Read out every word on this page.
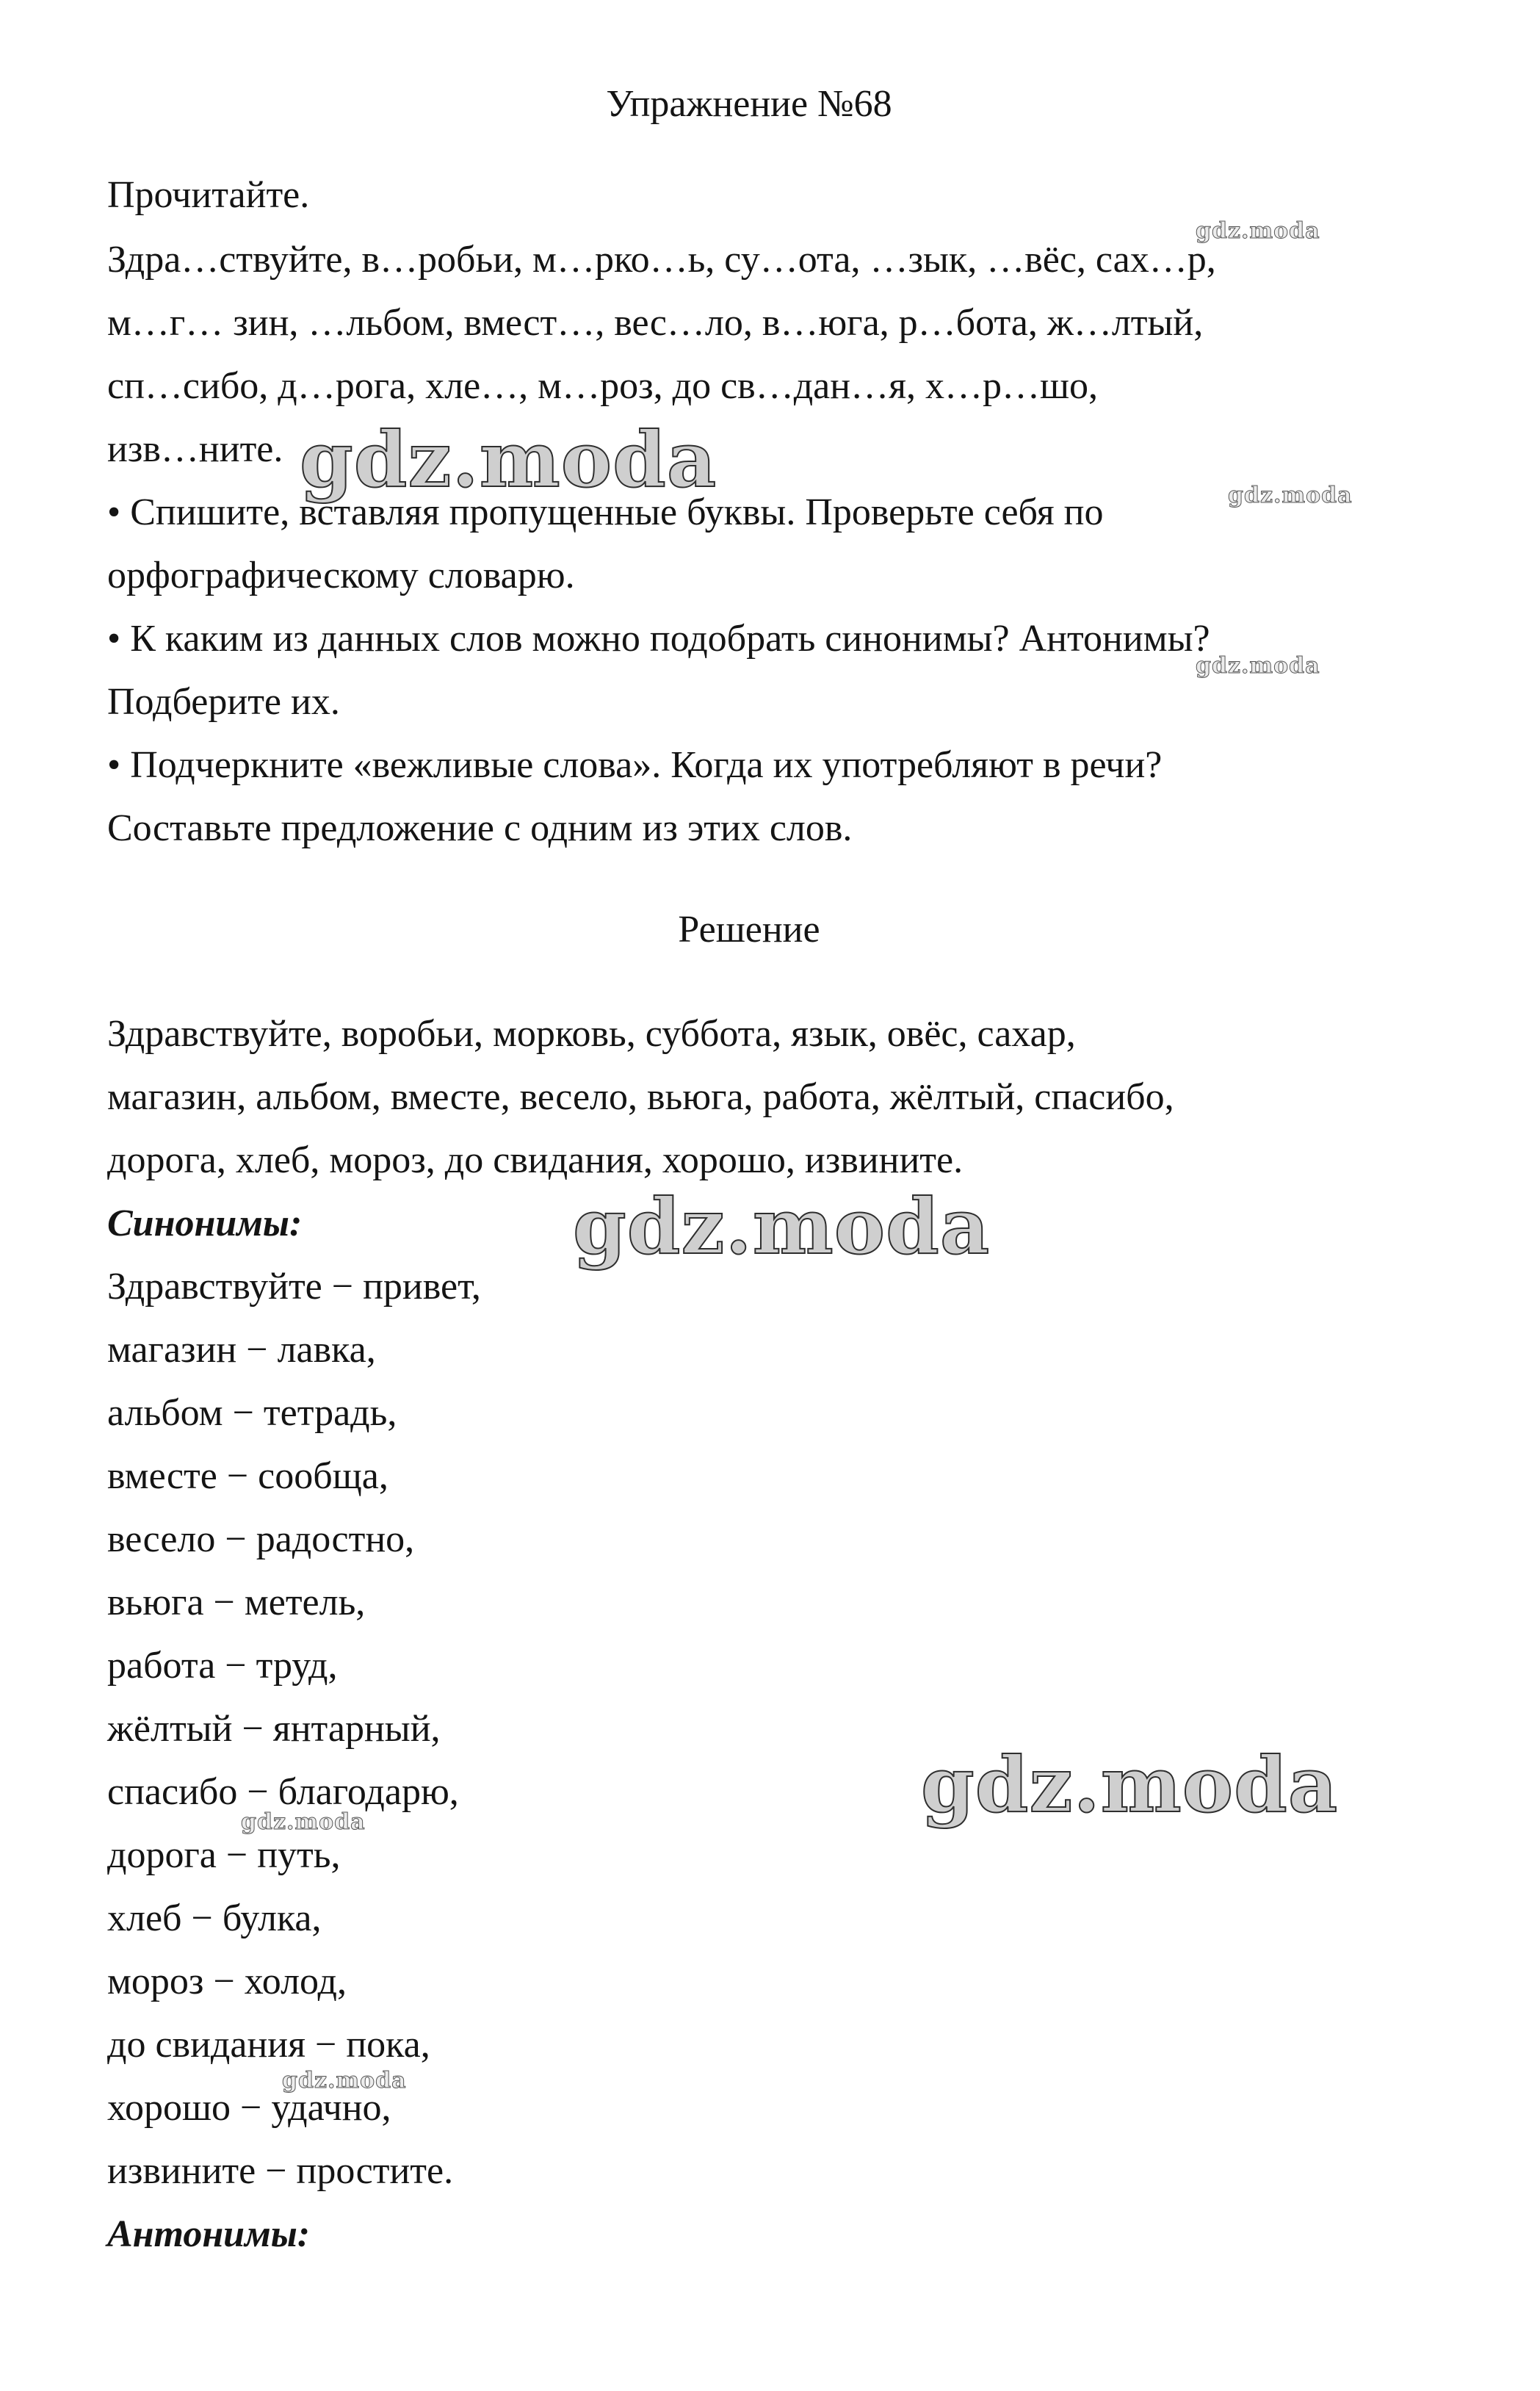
Упражнение №68
Прочитайте.
Здра…ствуйте, в…робьи, м…рко…ь, су…ота, …зык, …вёс, сах…р,
м…г… зин, …льбом, вмест…, вес…ло, в…юга, р…бота, ж…лтый,
сп…сибо, д…рога, хле…, м…роз, до св…дан…я, х…р…шо,
изв…ните.
• Спишите, вставляя пропущенные буквы. Проверьте себя по
орфографическому словарю.
• К каким из данных слов можно подобрать синонимы? Антонимы?
Подберите их.
• Подчеркните «вежливые слова». Когда их употребляют в речи?
Составьте предложение с одним из этих слов.
Решение
Здравствуйте, воробьи, морковь, суббота, язык, овёс, сахар,
магазин, альбом, вместе, весело, вьюга, работа, жёлтый, спасибо,
дорога, хлеб, мороз, до свидания, хорошо, извините.
Синонимы:
Здравствуйте − привет,
магазин − лавка,
альбом − тетрадь,
вместе − сообща,
весело − радостно,
вьюга − метель,
работа − труд,
жёлтый − янтарный,
спасибо − благодарю,
дорога − путь,
хлеб − булка,
мороз − холод,
до свидания − пока,
хорошо − удачно,
извините − простите.
Антонимы:
gdz.moda
gdz.moda	gdz.moda
gdz.moda
gdz.moda
gdz.moda
gdz.moda
gdz.moda
